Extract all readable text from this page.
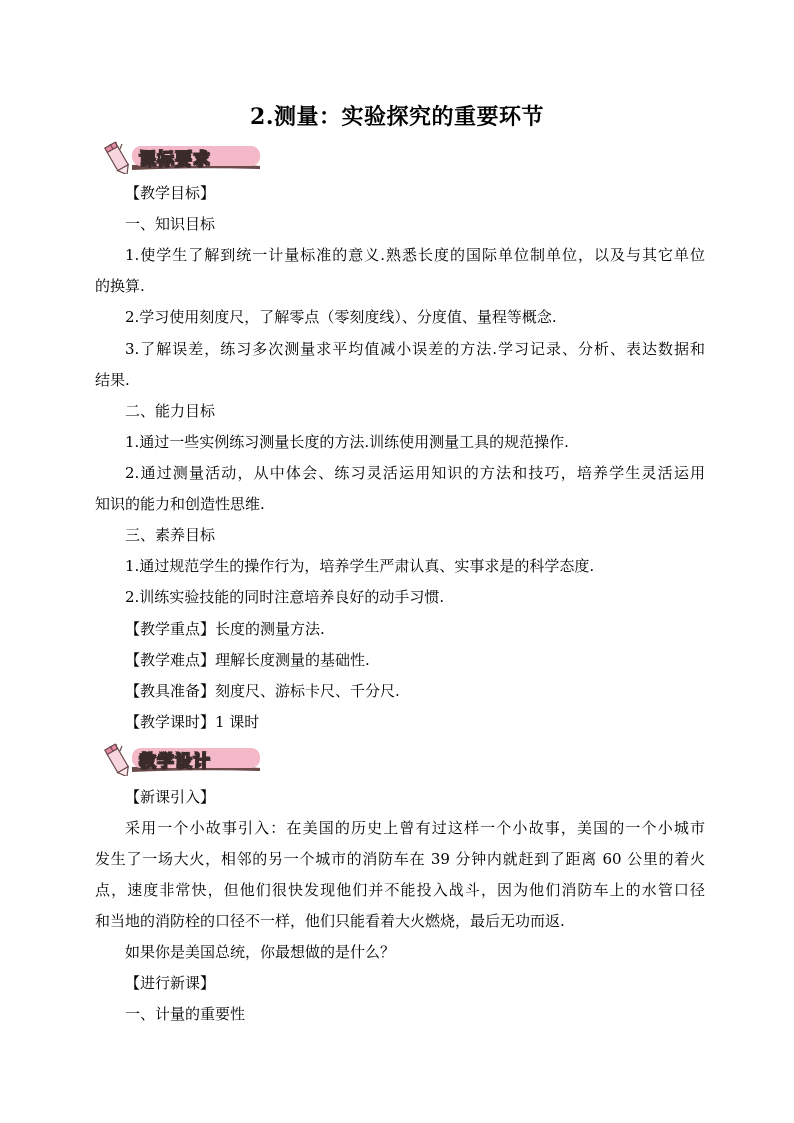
2.测量：实验探究的重要环节
课标要求
教学设计
【教学目标】
一、知识目标
1.使学生了解到统一计量标准的意义.熟悉长度的国际单位制单位，以及与其它单位
的换算.
2.学习使用刻度尺，了解零点（零刻度线）、分度值、量程等概念.
3.了解误差，练习多次测量求平均值减小误差的方法.学习记录、分析、表达数据和
结果.
二、能力目标
1.通过一些实例练习测量长度的方法.训练使用测量工具的规范操作.
2.通过测量活动，从中体会、练习灵活运用知识的方法和技巧，培养学生灵活运用
知识的能力和创造性思维.
三、素养目标
1.通过规范学生的操作行为，培养学生严肃认真、实事求是的科学态度.
2.训练实验技能的同时注意培养良好的动手习惯.
【教学重点】长度的测量方法.
【教学难点】理解长度测量的基础性.
【教具准备】刻度尺、游标卡尺、千分尺.
【教学课时】1 课时
【新课引入】
采用一个小故事引入：在美国的历史上曾有过这样一个小故事，美国的一个小城市
发生了一场大火，相邻的另一个城市的消防车在 39 分钟内就赶到了距离 60 公里的着火
点，速度非常快，但他们很快发现他们并不能投入战斗，因为他们消防车上的水管口径
和当地的消防栓的口径不一样，他们只能看着大火燃烧，最后无功而返.
如果你是美国总统，你最想做的是什么？
【进行新课】
一、计量的重要性
